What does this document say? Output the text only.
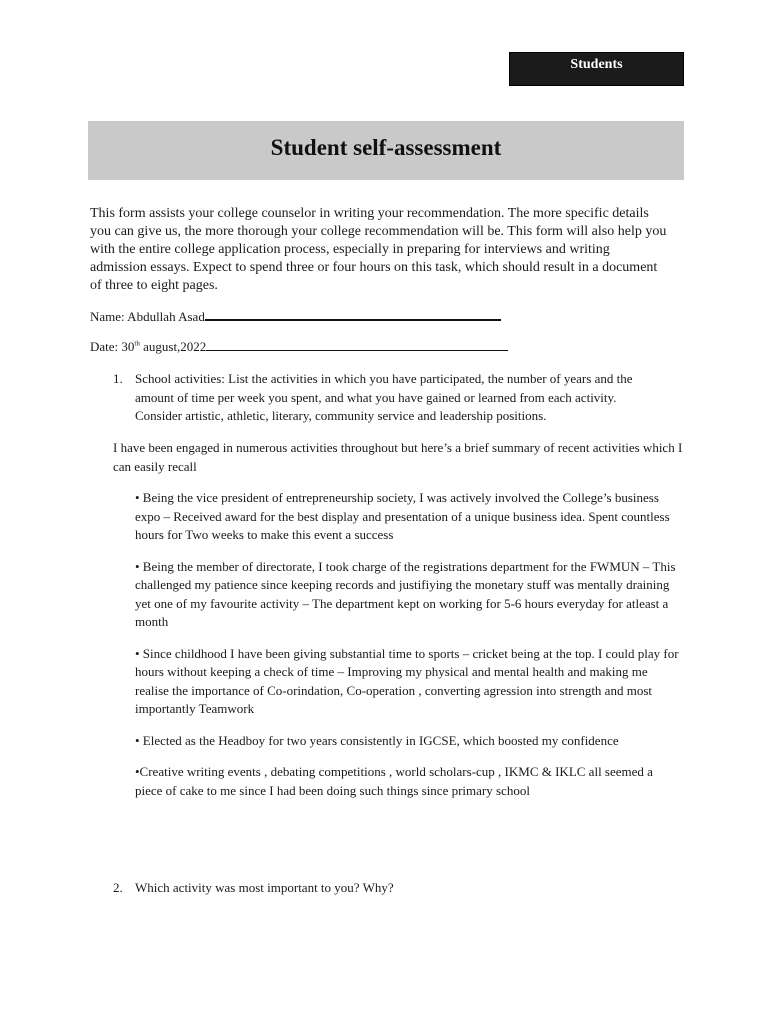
Students
Student self-assessment

This form assists your college counselor in writing your recommendation. The more specific details you can give us, the more thorough your college recommendation will be. This form will also help you with the entire college application process, especially in preparing for interviews and writing admission essays. Expect to spend three or four hours on this task, which should result in a document of three to eight pages.

Name: Abdullah Asad
Date: 30th august,2022
1. School activities: List the activities in which you have participated, the number of years and the amount of time per week you spent, and what you have gained or learned from each activity. Consider artistic, athletic, literary, community service and leadership positions.

I have been engaged in numerous activities throughout but here’s a brief summary of recent activities which I can easily recall

• Being the vice president of entrepreneurship society, I was actively involved the College’s business expo – Received award for the best display and presentation of a unique business idea. Spent countless hours for Two weeks to make this event a success
• Being the member of directorate, I took charge of the registrations department for the FWMUN – This challenged my patience since keeping records and justifiying the monetary stuff was mentally draining yet one of my favourite activity – The department kept on working for 5-6 hours everyday for atleast a month
• Since childhood I have been giving substantial time to sports – cricket being at the top. I could play for hours without keeping a check of time – Improving my physical and mental health and making me realise the importance of Co-orindation, Co-operation , converting agression into strength and most importantly Teamwork
• Elected as the Headboy for two years consistently in IGCSE, which boosted my confidence
•Creative writing events , debating competitions , world scholars-cup , IKMC & IKLC all seemed a piece of cake to me since I had been doing such things since primary school
2. Which activity was most important to you? Why?
